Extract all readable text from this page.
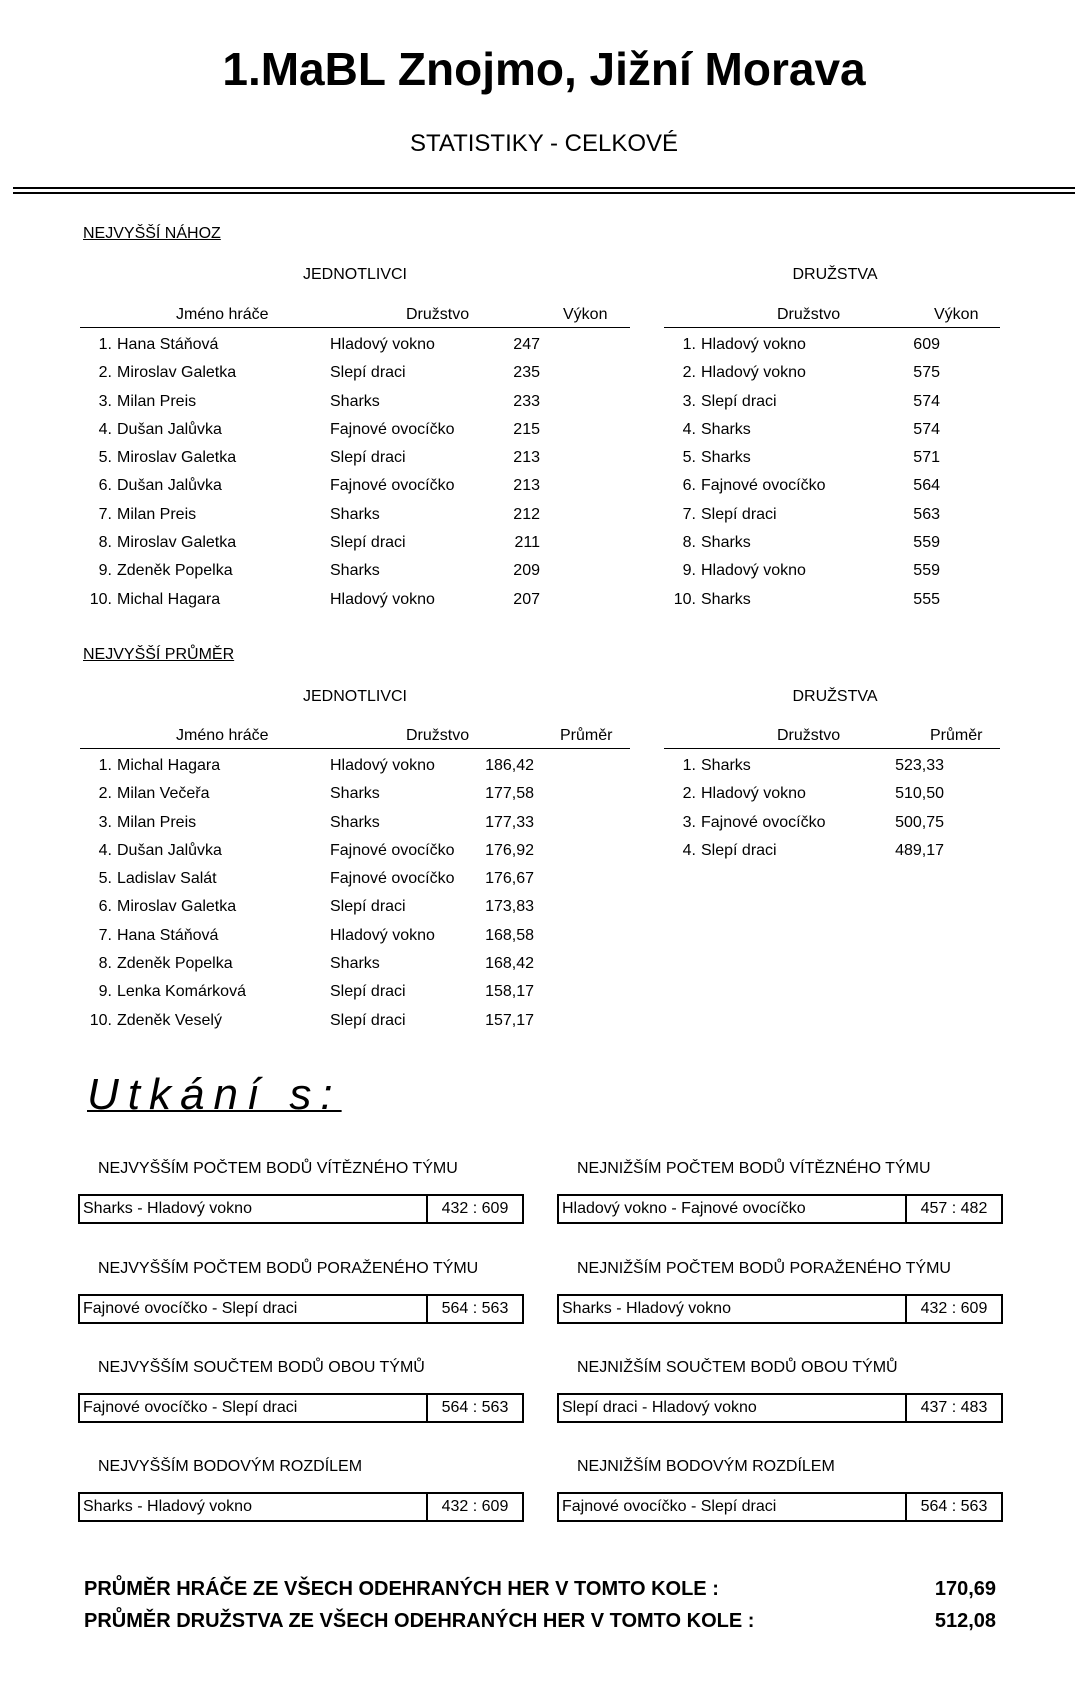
1.MaBL Znojmo, Jižní Morava
STATISTIKY - CELKOVÉ
NEJVYŠŠÍ NÁHOZ
JEDNOTLIVCI	DRUŽSTVA
Jméno hráče	Družstvo	Výkon
1. Hana Stáňová	Hladový vokno	247
2. Miroslav Galetka	Slepí draci	235
3. Milan Preis	Sharks	233
4. Dušan Jalůvka	Fajnové ovocíčko	215
5. Miroslav Galetka	Slepí draci	213
6. Dušan Jalůvka	Fajnové ovocíčko	213
7. Milan Preis	Sharks	212
8. Miroslav Galetka	Slepí draci	211
9. Zdeněk Popelka	Sharks	209
10. Michal Hagara	Hladový vokno	207
Družstvo	Výkon
1. Hladový vokno	609
2. Hladový vokno	575
3. Slepí draci	574
4. Sharks	574
5. Sharks	571
6. Fajnové ovocíčko	564
7. Slepí draci	563
8. Sharks	559
9. Hladový vokno	559
10. Sharks	555
NEJVYŠŠÍ PRŮMĚR
JEDNOTLIVCI	DRUŽSTVA
Jméno hráče	Družstvo	Průměr
1. Michal Hagara	Hladový vokno	186,42
2. Milan Večeřa	Sharks	177,58
3. Milan Preis	Sharks	177,33
4. Dušan Jalůvka	Fajnové ovocíčko 176,92
5. Ladislav Salát	Fajnové ovocíčko 176,67
6. Miroslav Galetka	Slepí draci	173,83
7. Hana Stáňová	Hladový vokno	168,58
8. Zdeněk Popelka	Sharks	168,42
9. Lenka Komárková	Slepí draci	158,17
10. Zdeněk Veselý	Slepí draci	157,17
Družstvo	Průměr
1. Sharks	523,33
2. Hladový vokno	510,50
3. Fajnové ovocíčko	500,75
4. Slepí draci	489,17
Utkání s:
NEJVYŠŠÍM POČTEM BODŮ VÍTĚZNÉHO TÝMU
Sharks - Hladový vokno	432 : 609
NEJNIŽŠÍM POČTEM BODŮ VÍTĚZNÉHO TÝMU
Hladový vokno - Fajnové ovocíčko	457 : 482
NEJVYŠŠÍM POČTEM BODŮ PORAŽENÉHO TÝMU
Fajnové ovocíčko - Slepí draci	564 : 563
NEJNIŽŠÍM POČTEM BODŮ PORAŽENÉHO TÝMU
Sharks - Hladový vokno	432 : 609
NEJVYŠŠÍM SOUČTEM BODŮ OBOU TÝMŮ
Fajnové ovocíčko - Slepí draci	564 : 563
NEJNIŽŠÍM SOUČTEM BODŮ OBOU TÝMŮ
Slepí draci - Hladový vokno	437 : 483
NEJVYŠŠÍM BODOVÝM ROZDÍLEM
Sharks - Hladový vokno	432 : 609
NEJNIŽŠÍM BODOVÝM ROZDÍLEM
Fajnové ovocíčko - Slepí draci	564 : 563
PRŮMĚR HRÁČE ZE VŠECH ODEHRANÝCH HER V TOMTO KOLE :	170,69
PRŮMĚR DRUŽSTVA ZE VŠECH ODEHRANÝCH HER V TOMTO KOLE :	512,08
